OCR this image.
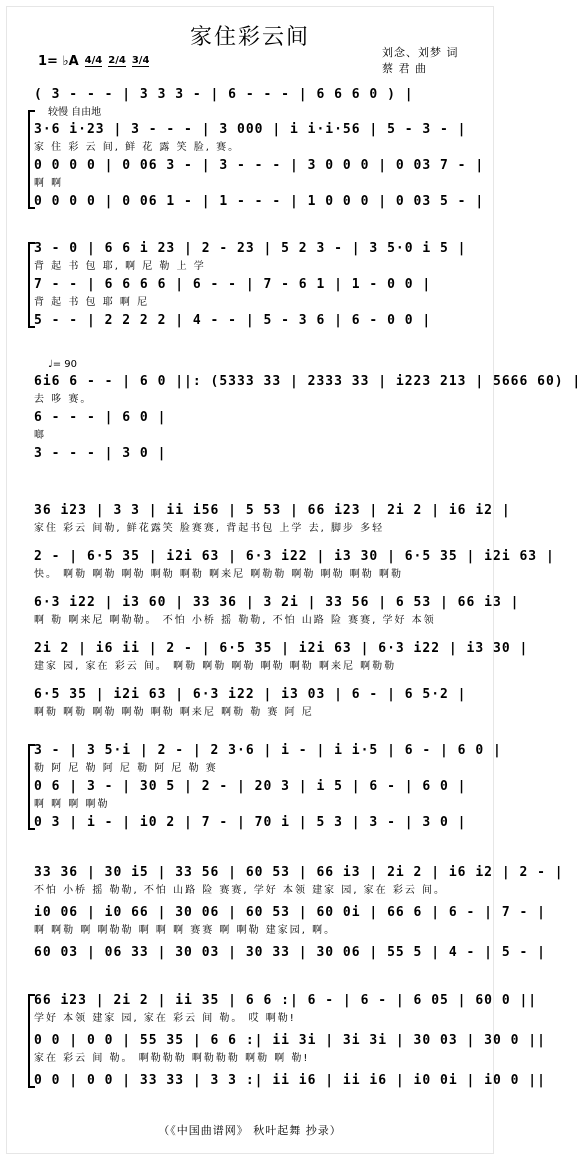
家住彩云间
刘念、刘梦 词
蔡 君 曲
1= ♭A 4/4 2/4 3/4
( 3 - - - | 3 3 3 - | 6 - - - | 6 6 6 0 ) |
较慢 自由地
3·6 i·23 | 3 - - - | 3 000 | i i·i·56 | 5 - 3 - |
家 住 彩 云 间, 鲜 花 露 笑 脸, 赛。
0 0 0 0 | 0 06 3 - | 3 - - - | 3 0 0 0 | 0 03 7 - |
啊 啊
0 0 0 0 | 0 06 1 - | 1 - - - | 1 0 0 0 | 0 03 5 - |
3 - 0 | 6 6 i 23 | 2 - 23 | 5 2 3 - | 3 5·0 i 5 |
背 起 书 包 耶, 啊 尼 勒 上 学
7 - - | 6 6 6 6 | 6 - - | 7 - 6 1 | 1 - 0 0 |
背 起 书 包 耶 啊 尼
5 - - | 2 2 2 2 | 4 - - | 5 - 3 6 | 6 - 0 0 |
♩= 90
6i6 6 - - | 6 0 ||: (5333 33 | 2333 33 | i223 213 | 5666 60) |
去 哆 赛。
6 - - - | 6 0 |
啷
3 - - - | 3 0 |
36 i23 | 3 3 | ii i56 | 5 53 | 66 i23 | 2i 2 | i6 i2 |
家住 彩云 间勒, 鲜花露笑 脸赛赛, 背起书包 上学 去, 脚步 多轻
2 - | 6·5 35 | i2i 63 | 6·3 i22 | i3 30 | 6·5 35 | i2i 63 |
快。 啊勒 啊勒 啊勒 啊勒 啊勒 啊来尼 啊勒勒 啊勒 啊勒 啊勒 啊勒
6·3 i22 | i3 60 | 33 36 | 3 2i | 33 56 | 6 53 | 66 i3 |
啊 勒 啊来尼 啊勒勒。 不怕 小桥 摇 勒勒, 不怕 山路 险 赛赛, 学好 本领
2i 2 | i6 ii | 2 - | 6·5 35 | i2i 63 | 6·3 i22 | i3 30 |
建家 园, 家在 彩云 间。 啊勒 啊勒 啊勒 啊勒 啊勒 啊来尼 啊勒勒
6·5 35 | i2i 63 | 6·3 i22 | i3 03 | 6 - | 6 5·2 |
啊勒 啊勒 啊勒 啊勒 啊勒 啊来尼 啊勒 勒 赛 阿 尼
3 - | 3 5·i | 2 - | 2 3·6 | i - | i i·5 | 6 - | 6 0 |
勒 阿 尼 勒 阿 尼 勒 阿 尼 勒 赛
0 6 | 3 - | 30 5 | 2 - | 20 3 | i 5 | 6 - | 6 0 |
啊 啊 啊 啊勒
0 3 | i - | i0 2 | 7 - | 70 i | 5 3 | 3 - | 3 0 |
33 36 | 30 i5 | 33 56 | 60 53 | 66 i3 | 2i 2 | i6 i2 | 2 - |
不怕 小桥 摇 勒勒, 不怕 山路 险 赛赛, 学好 本领 建家 园, 家在 彩云 间。
i0 06 | i0 66 | 30 06 | 60 53 | 60 0i | 66 6 | 6 - | 7 - |
啊 啊勒 啊 啊勒勒 啊 啊 啊 赛赛 啊 啊勒 建家园, 啊。
60 03 | 06 33 | 30 03 | 30 33 | 30 06 | 55 5 | 4 - | 5 - |
66 i23 | 2i 2 | ii 35 | 6 6 :| 6 - | 6 - | 6 05 | 60 0 ||
学好 本领 建家 园, 家在 彩云 间 勒。 哎 啊勒!
0 0 | 0 0 | 55 35 | 6 6 :| ii 3i | 3i 3i | 30 03 | 30 0 ||
家在 彩云 间 勒。 啊勒勒勒 啊勒勒勒 啊勒 啊 勒!
0 0 | 0 0 | 33 33 | 3 3 :| ii i6 | ii i6 | i0 0i | i0 0 ||
（《中国曲谱网》 秋叶起舞 抄录）
